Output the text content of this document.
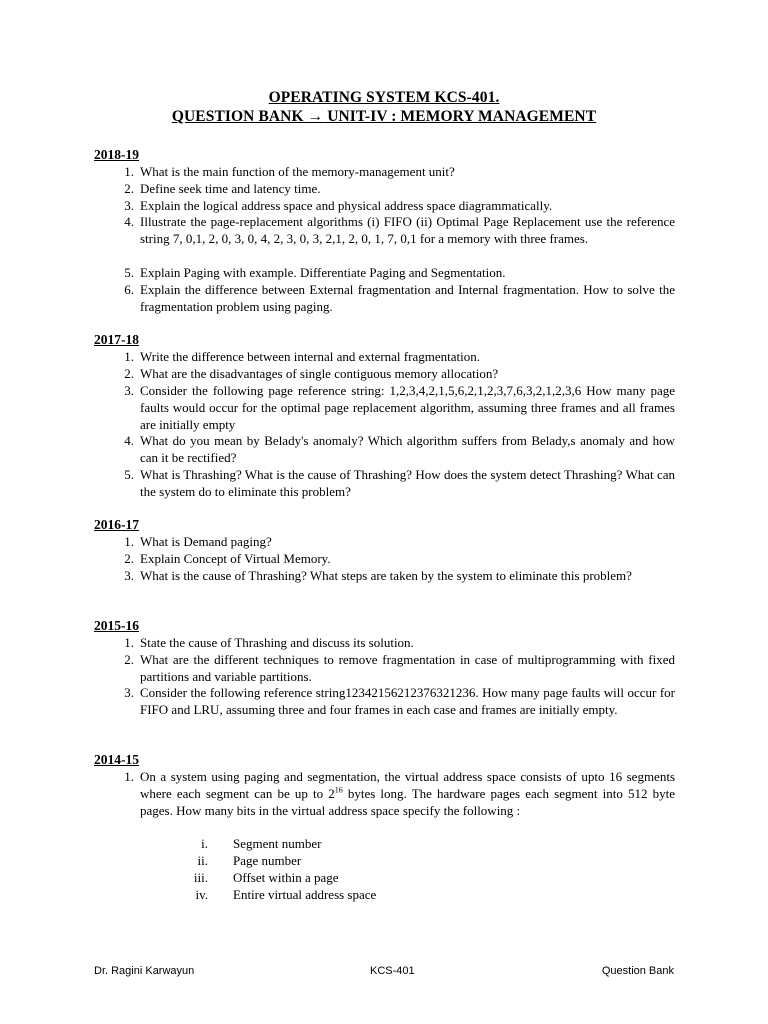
OPERATING SYSTEM KCS-401.
QUESTION BANK → UNIT-IV : MEMORY MANAGEMENT
2018-19
1. What is the main function of the memory-management unit?
2. Define seek time and latency time.
3. Explain the logical address space and physical address space diagrammatically.
4. Illustrate the page-replacement algorithms (i) FIFO (ii) Optimal Page Replacement use the reference string 7, 0,1, 2, 0, 3, 0, 4, 2, 3, 0, 3, 2,1, 2, 0, 1, 7, 0,1 for a memory with three frames.
5. Explain Paging with example. Differentiate Paging and Segmentation.
6. Explain the difference between External fragmentation and Internal fragmentation. How to solve the fragmentation problem using paging.
2017-18
1. Write the difference between internal and external fragmentation.
2. What are the disadvantages of single contiguous memory allocation?
3. Consider the following page reference string: 1,2,3,4,2,1,5,6,2,1,2,3,7,6,3,2,1,2,3,6 How many page faults would occur for the optimal page replacement algorithm, assuming three frames and all frames are initially empty
4. What do you mean by Belady's anomaly? Which algorithm suffers from Belady,s anomaly and how can it be rectified?
5. What is Thrashing? What is the cause of Thrashing? How does the system detect Thrashing? What can the system do to eliminate this problem?
2016-17
1. What is Demand paging?
2. Explain Concept of Virtual Memory.
3. What is the cause of Thrashing? What steps are taken by the system to eliminate this problem?
2015-16
1. State the cause of Thrashing and discuss its solution.
2. What are the different techniques to remove fragmentation in case of multiprogramming with fixed partitions and variable partitions.
3. Consider the following reference string12342156212376321236. How many page faults will occur for FIFO and LRU, assuming three and four frames in each case and frames are initially empty.
2014-15
1. On a system using paging and segmentation, the virtual address space consists of upto 16 segments where each segment can be up to $2^{16}$ bytes long. The hardware pages each segment into 512 byte pages. How many bits in the virtual address space specify the following :
i. Segment number
ii. Page number
iii. Offset within a page
iv. Entire virtual address space
Dr. Ragini Karwayun	KCS-401	Question Bank
